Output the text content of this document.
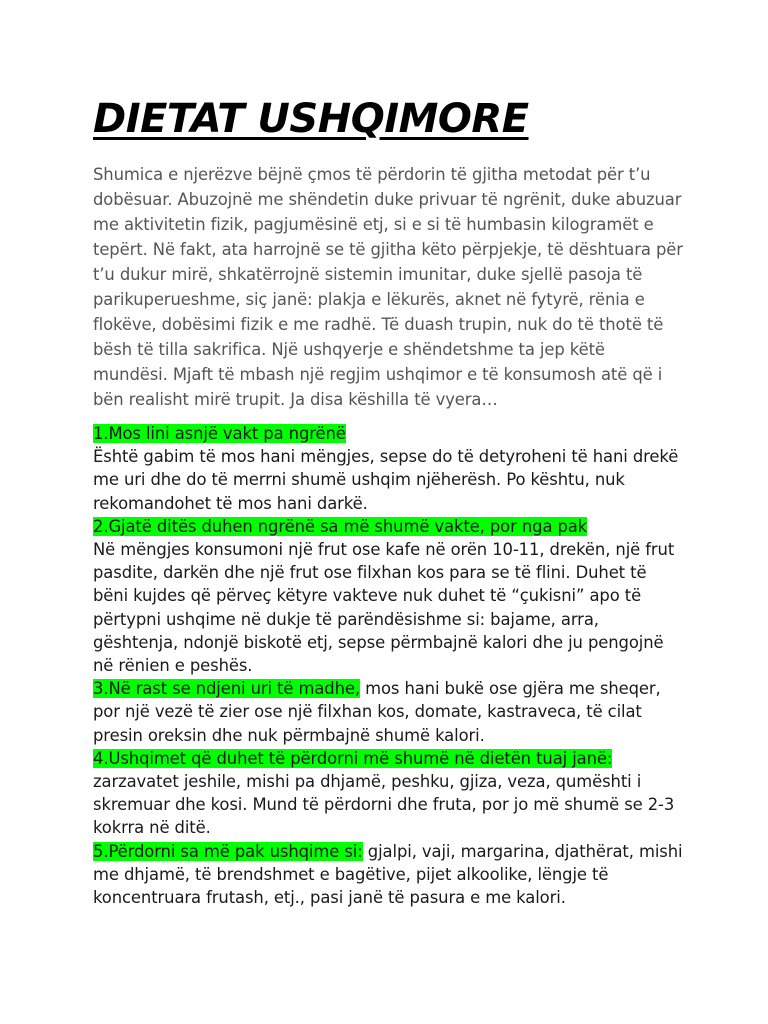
DIETAT USHQIMORE

Shumica e njerëzve bëjnë çmos të përdorin të gjitha metodat për t’u dobësuar. Abuzojnë me shëndetin duke privuar të ngrënit, duke abuzuar me aktivitetin fizik, pagjumësinë etj, si e si të humbasin kilogramët e tepërt. Në fakt, ata harrojnë se të gjitha këto përpjekje, të dështuara për t’u dukur mirë, shkatërrojnë sistemin imunitar, duke sjellë pasoja të parikuperueshme, siç janë: plakja e lëkurës, aknet në fytyrë, rënia e flokëve, dobësimi fizik e me radhë. Të duash trupin, nuk do të thotë të bësh të tilla sakrifica. Një ushqyerje e shëndetshme ta jep këtë mundësi. Mjaft të mbash një regjim ushqimor e të konsumosh atë që i bën realisht mirë trupit. Ja disa këshilla të vyera…

1.Mos lini asnjë vakt pa ngrënë
Është gabim të mos hani mëngjes, sepse do të detyroheni të hani drekë me uri dhe do të merrni shumë ushqim njëherësh. Po kështu, nuk rekomandohet të mos hani darkë.

2.Gjatë ditës duhen ngrënë sa më shumë vakte, por nga pak
Në mëngjes konsumoni një frut ose kafe në orën 10-11, drekën, një frut pasdite, darkën dhe një frut ose filxhan kos para se të flini. Duhet të bëni kujdes që përveç këtyre vakteve nuk duhet të “çukisni” apo të përtypni ushqime në dukje të parëndësishme si: bajame, arra, gështenja, ndonjë biskotë etj, sepse përmbajnë kalori dhe ju pengojnë në rënien e peshës.

3.Në rast se ndjeni uri të madhe, mos hani bukë ose gjëra me sheqer, por një vezë të zier ose një filxhan kos, domate, kastraveca, të cilat presin oreksin dhe nuk përmbajnë shumë kalori.

4.Ushqimet që duhet të përdorni më shumë në dietën tuaj janë: zarzavatet jeshile, mishi pa dhjamë, peshku, gjiza, veza, qumështi i skremuar dhe kosi. Mund të përdorni dhe fruta, por jo më shumë se 2-3 kokrra në ditë.

5.Përdorni sa më pak ushqime si: gjalpi, vaji, margarina, djathërat, mishi me dhjamë, të brendshmet e bagëtive, pijet alkoolike, lëngje të koncentruara frutash, etj., pasi janë të pasura e me kalori.
